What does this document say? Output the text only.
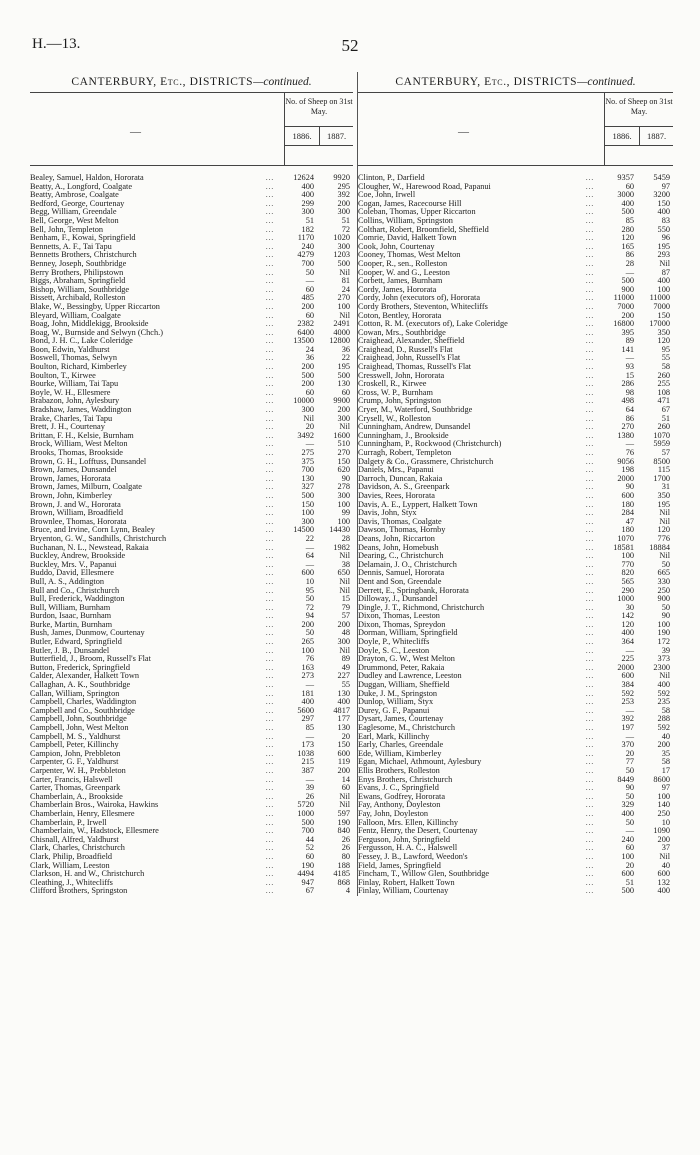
H.—13.	52
CANTERBURY, Etc., DISTRICTS—continued.
—
No. of Sheep on 31st May.
1886.	1887.
Bealey, Samuel, Haldon, Hororata	...	12624	9920
Beatty, A., Longford, Coalgate	...	400	295
Beatty, Ambrose, Coalgate	...	400	392
Bedford, George, Courtenay	...	299	200
Begg, William, Greendale	...	300	300
Bell, George, West Melton	...	51	51
Bell, John, Templeton	...	182	72
Benham, F., Kowai, Springfield	...	1170	1020
Bennetts, A. F., Tai Tapu	...	240	300
Bennetts Brothers, Christchurch	...	4279	1203
Benney, Joseph, Southbridge	...	700	500
Berry Brothers, Philipstown	...	50	Nil
Biggs, Abraham, Springfield	...	—	81
Bishop, William, Southbridge	...	60	24
Bissett, Archibald, Rolleston	...	485	270
Blake, W., Bessingby, Upper Riccarton	...	200	100
Bleyard, William, Coalgate	...	60	Nil
Boag, John, Middlekigg, Brookside	...	2382	2491
Boag, W., Burnside and Selwyn (Chch.)	...	6400	4000
Bond, J. H. C., Lake Coleridge	...	13500	12800
Boon, Edwin, Yaldhurst	...	24	36
Boswell, Thomas, Selwyn	...	36	22
Boulton, Richard, Kimberley	...	200	195
Boulton, T., Kirwee	...	500	500
Bourke, William, Tai Tapu	...	200	130
Boyle, W. H., Ellesmere	...	60	60
Brabazon, John, Aylesbury	...	10000	9900
Bradshaw, James, Waddington	...	300	200
Brake, Charles, Tai Tapu	...	Nil	300
Brett, J. H., Courtenay	...	20	Nil
Brittan, F. H., Kelsie, Burnham	...	3492	1600
Brock, William, West Melton	...	—	510
Brooks, Thomas, Brookside	...	275	270
Brown, G. H., Lofftuss, Dunsandel	...	375	150
Brown, James, Dunsandel	...	700	620
Brown, James, Hororata	...	130	90
Brown, James, Milburn, Coalgate	...	327	278
Brown, John, Kimberley	...	500	300
Brown, J. and W., Hororata	...	150	100
Brown, William, Broadfield	...	100	99
Brownlee, Thomas, Hororata	...	300	100
Bruce, and Irvine, Corn Lynn, Bealey	...	14500	14430
Bryenton, G. W., Sandhills, Christchurch	...	22	28
Buchanan, N. L., Newstead, Rakaia	...	—	1982
Buckley, Andrew, Brookside	...	64	Nil
Buckley, Mrs. V., Papanui	...	—	38
Buddo, David, Ellesmere	...	600	650
Bull, A. S., Addington	...	10	Nil
Bull and Co., Christchurch	...	95	Nil
Bull, Frederick, Waddington	...	50	15
Bull, William, Burnham	...	72	79
Burdon, Isaac, Burnham	...	94	57
Burke, Martin, Burnham	...	200	200
Bush, James, Dunmow, Courtenay	...	50	48
Butler, Edward, Springfield	...	265	300
Butler, J. B., Dunsandel	...	100	Nil
Butterfield, J., Broom, Russell's Flat	...	76	89
Button, Frederick, Springfield	...	163	49
Calder, Alexander, Halkett Town	...	273	227
Callaghan, A. K., Southbridge	...	—	55
Callan, William, Springton	...	181	130
Campbell, Charles, Waddington	...	400	400
Campbell and Co., Southbridge	...	5600	4817
Campbell, John, Southbridge	...	297	177
Campbell, John, West Melton	...	85	130
Campbell, M. S., Yaldhurst	...	—	20
Campbell, Peter, Killinchy	...	173	150
Campion, John, Prebbleton	...	1038	600
Carpenter, G. F., Yaldhurst	...	215	119
Carpenter, W. H., Prebbleton	...	387	200
Carter, Francis, Halswell	...	—	14
Carter, Thomas, Greenpark	...	39	60
Chamberlain, A., Brookside	...	26	Nil
Chamberlain Bros., Wairoka, Hawkins	...	5720	Nil
Chamberlain, Henry, Ellesmere	...	1000	597
Chamberlain, P., Irwell	...	500	190
Chamberlain, W., Hadstock, Ellesmere	...	700	840
Chisnall, Alfred, Yaldhurst	...	44	26
Clark, Charles, Christchurch	...	52	26
Clark, Philip, Broadfield	...	60	80
Clark, William, Leeston	...	190	188
Clarkson, H. and W., Christchurch	...	4494	4185
Cleathing, J., Whitecliffs	...	947	868
Clifford Brothers, Springston	...	67	4
CANTERBURY, Etc., DISTRICTS—continued.
—
No. of Sheep on 31st May.
1886.	1887.
Clinton, P., Darfield	...	9357	5459
Clougher, W., Harewood Road, Papanui	...	60	97
Coe, John, Irwell	...	3000	3200
Cogan, James, Racecourse Hill	...	400	150
Coleban, Thomas, Upper Riccarton	...	500	400
Collins, William, Springston	...	85	83
Colthart, Robert, Broomfield, Sheffield	...	280	550
Comrie, David, Halkett Town	...	120	96
Cook, John, Courtenay	...	165	195
Cooney, Thomas, West Melton	...	86	293
Cooper, R., sen., Rolleston	...	28	Nil
Cooper, W. and G., Leeston	...	—	87
Corbett, James, Burnham	...	500	400
Cordy, James, Hororata	...	900	100
Cordy, John (executors of), Hororata	...	11000	11000
Cordy Brothers, Steventon, Whitecliffs	...	7000	7000
Coton, Bentley, Hororata	...	200	150
Cotton, R. M. (executors of), Lake Coleridge	...	16800	17000
Cowan, Mrs., Southbridge	...	395	350
Craighead, Alexander, Sheffield	...	89	120
Craighead, D., Russell's Flat	...	141	95
Craighead, John, Russell's Flat	...	—	55
Craighead, Thomas, Russell's Flat	...	93	58
Cresswell, John, Hororata	...	15	260
Croskell, R., Kirwee	...	286	255
Cross, W. P., Burnham	...	98	108
Crump, John, Springston	...	498	471
Cryer, M., Waterford, Southbridge	...	64	67
Crysell, W., Rolleston	...	86	51
Cunningham, Andrew, Dunsandel	...	270	260
Cunningham, J., Brookside	...	1380	1070
Cunningham, P., Rockwood (Christchurch)	...	—	5959
Curragh, Robert, Templeton	...	76	57
Dalgety & Co., Grassmere, Christchurch	...	9056	8500
Daniels, Mrs., Papanui	...	198	115
Darroch, Duncan, Rakaia	...	2000	1700
Davidson, A. S., Greenpark	...	90	31
Davies, Rees, Hororata	...	600	350
Davis, A. E., Lyppert, Halkett Town	...	180	195
Davis, John, Styx	...	284	Nil
Davis, Thomas, Coalgate	...	47	Nil
Dawson, Thomas, Hornby	...	180	120
Deans, John, Riccarton	...	1070	776
Deans, John, Homebush	...	18581	18884
Dearing, C., Christchurch	...	100	Nil
Delamain, J. O., Christchurch	...	770	50
Dennis, Samuel, Hororata	...	820	665
Dent and Son, Greendale	...	565	330
Derrett, E., Springbank, Hororata	...	290	250
Dilloway, J., Dunsandel	...	1000	900
Dingle, J. T., Richmond, Christchurch	...	30	50
Dixon, Thomas, Leeston	...	142	90
Dixon, Thomas, Spreydon	...	120	100
Dorman, William, Springfield	...	400	190
Doyle, P., Whitecliffs	...	364	172
Doyle, S. C., Leeston	...	—	39
Drayton, G. W., West Melton	...	225	373
Drummond, Peter, Rakaia	...	2000	2300
Dudley and Lawrence, Leeston	...	600	Nil
Duggan, William, Sheffield	...	384	400
Duke, J. M., Springston	...	592	592
Dunlop, William, Styx	...	253	235
Durey, G. F., Papanui	...	—	58
Dysart, James, Courtenay	...	392	288
Eaglesome, M., Christchurch	...	197	592
Earl, Mark, Killinchy	...	—	40
Early, Charles, Greendale	...	370	200
Ede, William, Kimberley	...	20	35
Egan, Michael, Athmount, Aylesbury	...	77	58
Ellis Brothers, Rolleston	...	50	17
Enys Brothers, Christchurch	...	8449	8600
Evans, J. C., Springfield	...	90	97
Ewans, Godfrey, Hororata	...	50	100
Fay, Anthony, Doyleston	...	329	140
Fay, John, Doyleston	...	400	250
Falloon, Mrs. Ellen, Killinchy	...	50	10
Fentz, Henry, the Desert, Courtenay	...	—	1090
Ferguson, John, Springfield	...	240	200
Fergusson, H. A. C., Halswell	...	60	37
Fessey, J. B., Lawford, Weedon's	...	100	Nil
Field, James, Springfield	...	20	40
Fincham, T., Willow Glen, Southbridge	...	600	600
Finlay, Robert, Halkett Town	...	51	132
Finlay, William, Courtenay	...	500	400
